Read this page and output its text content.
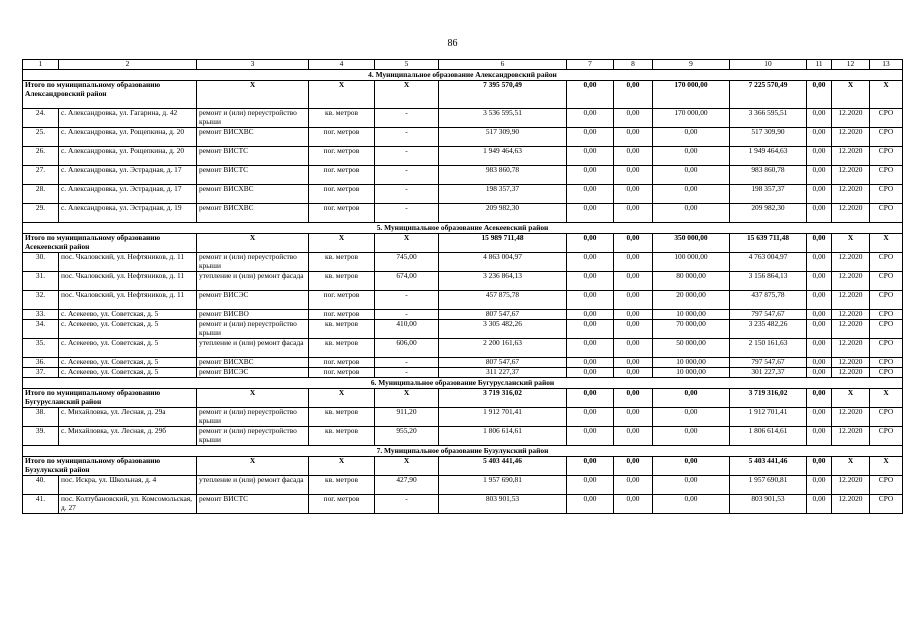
86
1	2	3	4	5	6	7	8	9	10	11	12	13
4. Муниципальное образование Александровский район												
Итого по муниципальному образованию Александровский район		Х	Х	Х	7 395 570,49	0,00	0,00	170 000,00	7 225 570,49	0,00	Х	Х
24.	с. Александровка, ул. Гагарина, д. 42	ремонт и (или) переустройство крыши	кв. метров	-	3 536 595,51	0,00	0,00	170 000,00	3 366 595,51	0,00	12.2020	СРО
25.	с. Александровка, ул. Рощепкина, д. 20	ремонт ВИСХВС	пог. метров	-	517 309,90	0,00	0,00	0,00	517 309,90	0,00	12.2020	СРО
26.	с. Александровка, ул. Рощепкина, д. 20	ремонт ВИСТС	пог. метров	-	1 949 464,63	0,00	0,00	0,00	1 949 464,63	0,00	12.2020	СРО
27.	с. Александровка, ул. Эстрадная, д. 17	ремонт ВИСТС	пог. метров	-	983 860,78	0,00	0,00	0,00	983 860,78	0,00	12.2020	СРО
28.	с. Александровка, ул. Эстрадная, д. 17	ремонт ВИСХВС	пог. метров	-	198 357,37	0,00	0,00	0,00	198 357,37	0,00	12.2020	СРО
29.	с. Александровка, ул. Эстрадная, д. 19	ремонт ВИСХВС	пог. метров	-	209 982,30	0,00	0,00	0,00	209 982,30	0,00	12.2020	СРО
5. Муниципальное образование Асекеевский район												
Итого по муниципальному образованию Асекеевский район		Х	Х	Х	15 989 711,48	0,00	0,00	350 000,00	15 639 711,48	0,00	Х	Х
30.	пос. Чкаловский, ул. Нефтяников, д. 11	ремонт и (или) переустройство крыши	кв. метров	745,00	4 863 004,97	0,00	0,00	100 000,00	4 763 004,97	0,00	12.2020	СРО
31.	пос. Чкаловский, ул. Нефтяников, д. 11	утепление и (или) ремонт фасада	кв. метров	674,00	3 236 864,13	0,00	0,00	80 000,00	3 156 864,13	0,00	12.2020	СРО
32.	пос. Чкаловский, ул. Нефтяников, д. 11	ремонт ВИСЭС	пог. метров	-	457 875,78	0,00	0,00	20 000,00	437 875,78	0,00	12.2020	СРО
33.	с. Асекеево, ул. Советская, д. 5	ремонт ВИСВО	пог. метров	-	807 547,67	0,00	0,00	10 000,00	797 547,67	0,00	12.2020	СРО
34.	с. Асекеево, ул. Советская, д. 5	ремонт и (или) переустройство крыши	кв. метров	410,00	3 305 482,26	0,00	0,00	70 000,00	3 235 482,26	0,00	12.2020	СРО
35.	с. Асекеево, ул. Советская, д. 5	утепление и (или) ремонт фасада	кв. метров	606,00	2 200 161,63	0,00	0,00	50 000,00	2 150 161,63	0,00	12.2020	СРО
36.	с. Асекеево, ул. Советская, д. 5	ремонт ВИСХВС	пог. метров	-	807 547,67	0,00	0,00	10 000,00	797 547,67	0,00	12.2020	СРО
37.	с. Асекеево, ул. Советская, д. 5	ремонт ВИСЭС	пог. метров	-	311 227,37	0,00	0,00	10 000,00	301 227,37	0,00	12.2020	СРО
6. Муниципальное образование Бугурусланский район												
Итого по муниципальному образованию Бугурусланский район		Х	Х	Х	3 719 316,02	0,00	0,00	0,00	3 719 316,02	0,00	Х	Х
38.	с. Михайловка, ул. Лесная, д. 29а	ремонт и (или) переустройство крыши	кв. метров	911,20	1 912 701,41	0,00	0,00	0,00	1 912 701,41	0,00	12.2020	СРО
39.	с. Михайловка, ул. Лесная, д. 29б	ремонт и (или) переустройство крыши	кв. метров	955,20	1 806 614,61	0,00	0,00	0,00	1 806 614,61	0,00	12.2020	СРО
7. Муниципальное образование Бузулукский район												
Итого по муниципальному образованию Бузулукский район		Х	Х	Х	5 403 441,46	0,00	0,00	0,00	5 403 441,46	0,00	Х	Х
40.	пос. Искра, ул. Школьная, д. 4	утепление и (или) ремонт фасада	кв. метров	427,90	1 957 690,81	0,00	0,00	0,00	1 957 690,81	0,00	12.2020	СРО
41.	пос. Колтубановский, ул. Комсомольская, д. 27	ремонт ВИСТС	пог. метров	-	803 901,53	0,00	0,00	0,00	803 901,53	0,00	12.2020	СРО
